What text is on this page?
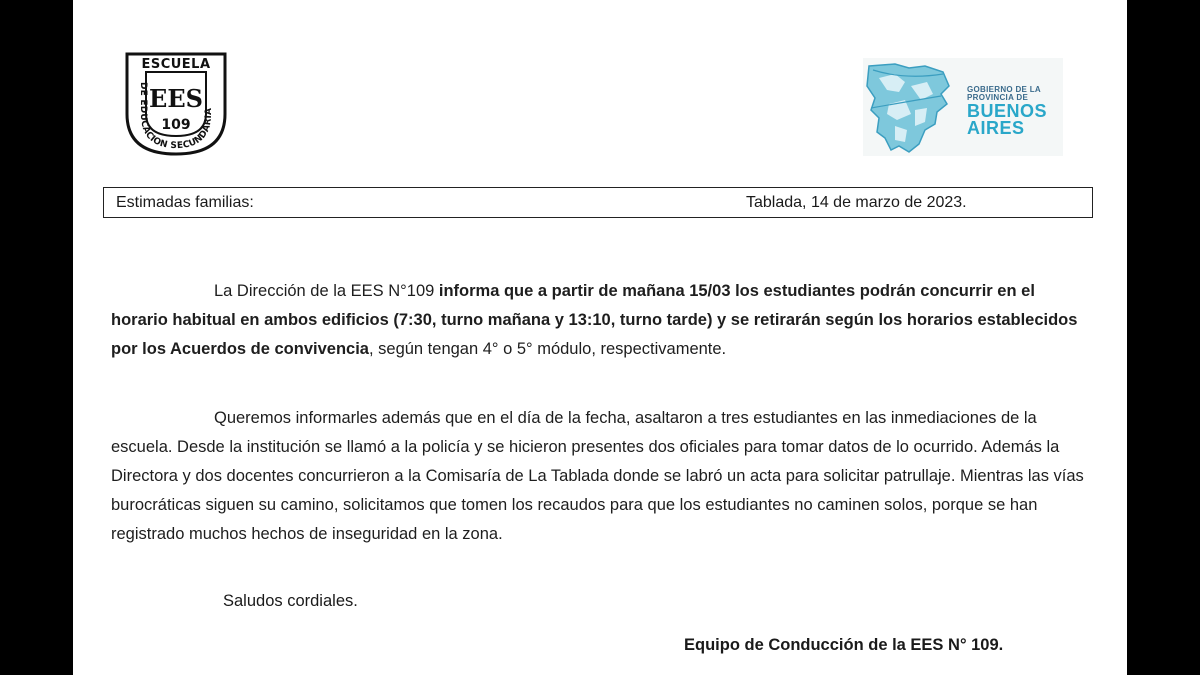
ESCUELA
DE EDUCACION SECUNDARIA
EES
109
GOBIERNO DE LA
PROVINCIA DE
BUENOS
AIRES
Estimadas familias:	Tablada, 14 de marzo de 2023.
La Dirección de la EES N°109 informa que a partir de mañana 15/03 los estudiantes podrán concurrir en el horario habitual en ambos edificios (7:30, turno mañana y 13:10, turno tarde) y se retirarán según los horarios establecidos por los Acuerdos de convivencia, según tengan 4° o 5° módulo, respectivamente.
Queremos informarles además que en el día de la fecha, asaltaron a tres estudiantes en las inmediaciones de la escuela. Desde la institución se llamó a la policía y se hicieron presentes dos oficiales para tomar datos de lo ocurrido. Además la Directora y dos docentes concurrieron a la Comisaría de La Tablada donde se labró un acta para solicitar patrullaje. Mientras las vías burocráticas siguen su camino, solicitamos que tomen los recaudos para que los estudiantes no caminen solos, porque se han registrado muchos hechos de inseguridad en la zona.
Saludos cordiales.
Equipo de Conducción de la EES N° 109.
